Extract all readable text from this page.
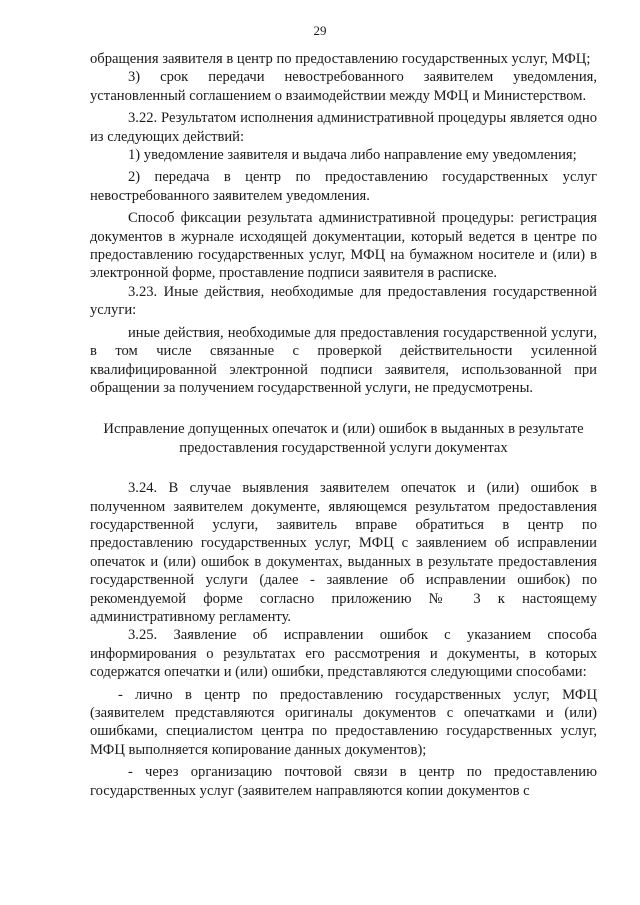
29

обращения заявителя в центр по предоставлению государственных услуг, МФЦ;

3) срок передачи невостребованного заявителем уведомления, установленный соглашением о взаимодействии между МФЦ и Министерством.

3.22. Результатом исполнения административной процедуры является одно из следующих действий:

1) уведомление заявителя и выдача либо направление ему уведомления;

2) передача в центр по предоставлению государственных услуг невостребованного заявителем уведомления.

Способ фиксации результата административной процедуры: регистрация документов в журнале исходящей документации, который ведется в центре по предоставлению государственных услуг, МФЦ на бумажном носителе и (или) в электронной форме, проставление подписи заявителя в расписке.

3.23. Иные действия, необходимые для предоставления государственной услуги:

иные действия, необходимые для предоставления государственной услуги, в том числе связанные с проверкой действительности усиленной квалифицированной электронной подписи заявителя, использованной при обращении за получением государственной услуги, не предусмотрены.

Исправление допущенных опечаток и (или) ошибок в выданных в результате предоставления государственной услуги документах

3.24. В случае выявления заявителем опечаток и (или) ошибок в полученном заявителем документе, являющемся результатом предоставления государственной услуги, заявитель вправе обратиться в центр по предоставлению государственных услуг, МФЦ с заявлением об исправлении опечаток и (или) ошибок в документах, выданных в результате предоставления государственной услуги (далее - заявление об исправлении ошибок) по рекомендуемой форме согласно приложению № 3 к настоящему административному регламенту.

3.25. Заявление об исправлении ошибок с указанием способа информирования о результатах его рассмотрения и документы, в которых содержатся опечатки и (или) ошибки, представляются следующими способами:

- лично в центр по предоставлению государственных услуг, МФЦ (заявителем представляются оригиналы документов с опечатками и (или) ошибками, специалистом центра по предоставлению государственных услуг, МФЦ выполняется копирование данных документов);

- через организацию почтовой связи в центр по предоставлению государственных услуг (заявителем направляются копии документов с
